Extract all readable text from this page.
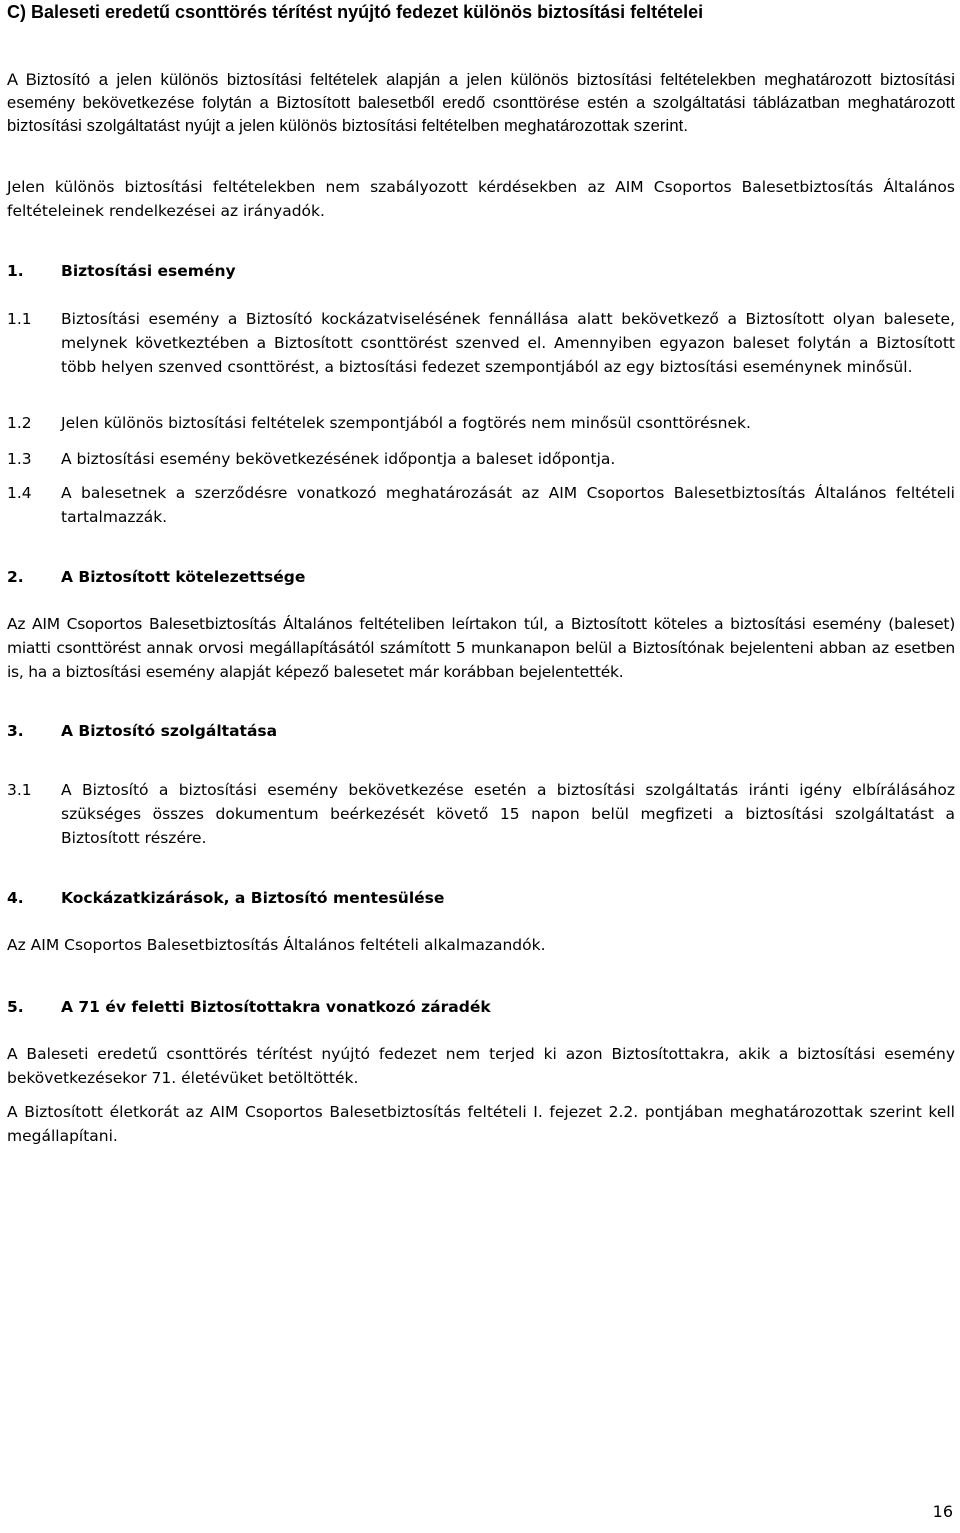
C) Baleseti eredetű csonttörés térítést nyújtó fedezet különös biztosítási feltételei

A Biztosító a jelen különös biztosítási feltételek alapján a jelen különös biztosítási feltételekben meghatározott biztosítási esemény bekövetkezése folytán a Biztosított balesetből eredő csonttörése estén a szolgáltatási táblázatban meghatározott biztosítási szolgáltatást nyújt a jelen különös biztosítási feltételben meghatározottak szerint.

Jelen különös biztosítási feltételekben nem szabályozott kérdésekben az AIM Csoportos Balesetbiztosítás Általános feltételeinek rendelkezései az irányadók.

1. Biztosítási esemény
1.1	Biztosítási esemény a Biztosító kockázatviselésének fennállása alatt bekövetkező a Biztosított olyan balesete, melynek következtében a Biztosított csonttörést szenved el. Amennyiben egyazon baleset folytán a Biztosított több helyen szenved csonttörést, a biztosítási fedezet szempontjából az egy biztosítási eseménynek minősül.
1.2	Jelen különös biztosítási feltételek szempontjából a fogtörés nem minősül csonttörésnek.
1.3	A biztosítási esemény bekövetkezésének időpontja a baleset időpontja.
1.4	A balesetnek a szerződésre vonatkozó meghatározását az AIM Csoportos Balesetbiztosítás Általános feltételi tartalmazzák.
2. A Biztosított kötelezettsége

Az AIM Csoportos Balesetbiztosítás Általános feltételiben leírtakon túl, a Biztosított köteles a biztosítási esemény (baleset) miatti csonttörést annak orvosi megállapításától számított 5 munkanapon belül a Biztosítónak bejelenteni abban az esetben is, ha a biztosítási esemény alapját képező balesetet már korábban bejelentették.

3. A Biztosító szolgáltatása
3.1	A Biztosító a biztosítási esemény bekövetkezése esetén a biztosítási szolgáltatás iránti igény elbírálásához szükséges összes dokumentum beérkezését követő 15 napon belül megfizeti a biztosítási szolgáltatást a Biztosított részére.
4. Kockázatkizárások, a Biztosító mentesülése

Az AIM Csoportos Balesetbiztosítás Általános feltételi alkalmazandók.

5. A 71 év feletti Biztosítottakra vonatkozó záradék

A Baleseti eredetű csonttörés térítést nyújtó fedezet nem terjed ki azon Biztosítottakra, akik a biztosítási esemény bekövetkezésekor 71. életévüket betöltötték.

A Biztosított életkorát az AIM Csoportos Balesetbiztosítás feltételi I. fejezet 2.2. pontjában meghatározottak szerint kell megállapítani.

16
